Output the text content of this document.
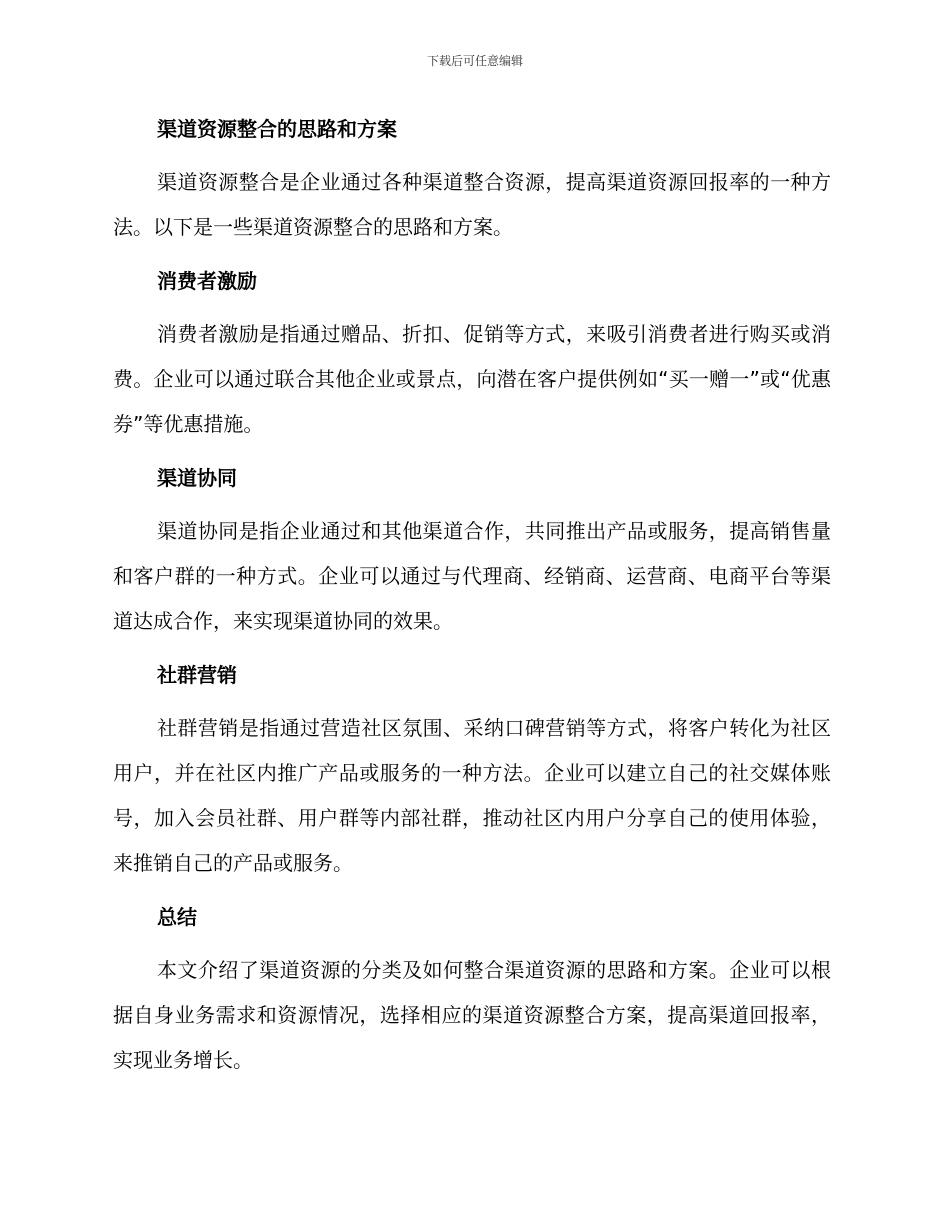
下载后可任意编辑
渠道资源整合的思路和方案

渠道资源整合是企业通过各种渠道整合资源，提高渠道资源回报率的一种方法。以下是一些渠道资源整合的思路和方案。

消费者激励

消费者激励是指通过赠品、折扣、促销等方式，来吸引消费者进行购买或消费。企业可以通过联合其他企业或景点，向潜在客户提供例如“买一赠一”或“优惠券”等优惠措施。

渠道协同

渠道协同是指企业通过和其他渠道合作，共同推出产品或服务，提高销售量和客户群的一种方式。企业可以通过与代理商、经销商、运营商、电商平台等渠道达成合作，来实现渠道协同的效果。

社群营销

社群营销是指通过营造社区氛围、采纳口碑营销等方式，将客户转化为社区用户，并在社区内推广产品或服务的一种方法。企业可以建立自己的社交媒体账号，加入会员社群、用户群等内部社群，推动社区内用户分享自己的使用体验，来推销自己的产品或服务。

总结

本文介绍了渠道资源的分类及如何整合渠道资源的思路和方案。企业可以根据自身业务需求和资源情况，选择相应的渠道资源整合方案，提高渠道回报率，实现业务增长。
